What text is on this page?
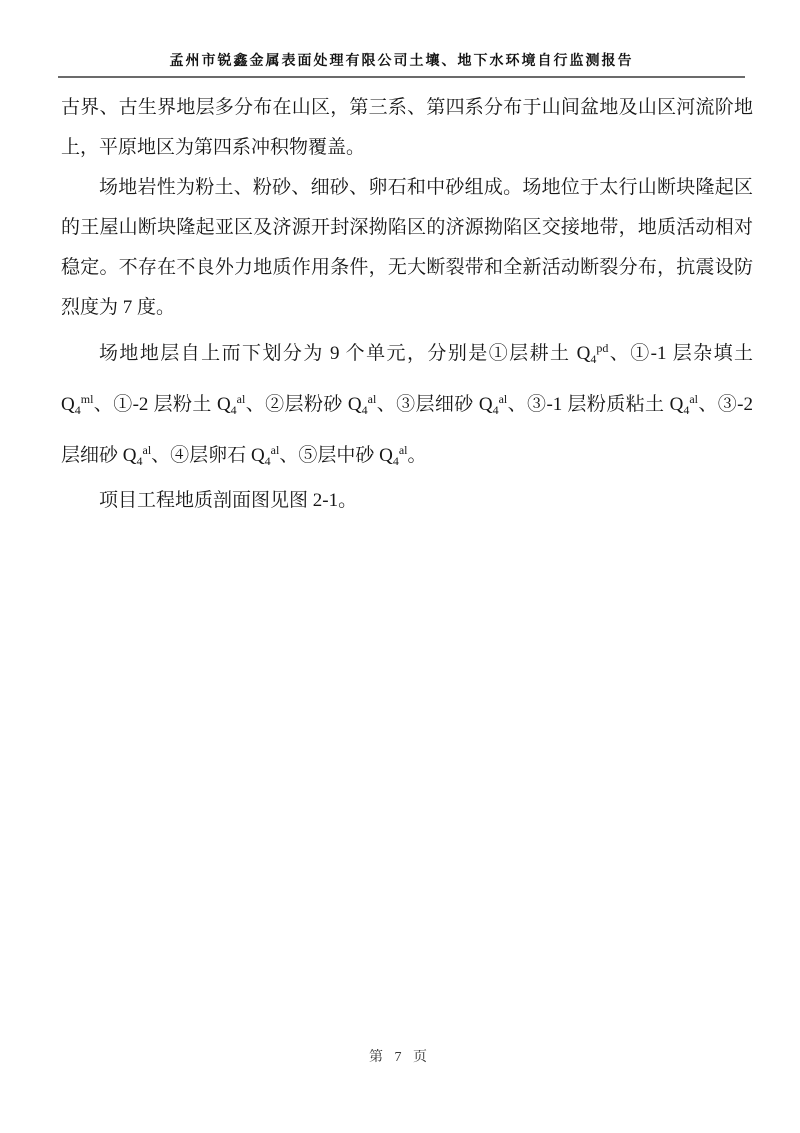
孟州市锐鑫金属表面处理有限公司土壤、地下水环境自行监测报告

古界、古生界地层多分布在山区，第三系、第四系分布于山间盆地及山区河流阶地上，平原地区为第四系冲积物覆盖。

场地岩性为粉土、粉砂、细砂、卵石和中砂组成。场地位于太行山断块隆起区的王屋山断块隆起亚区及济源开封深拗陷区的济源拗陷区交接地带，地质活动相对稳定。不存在不良外力地质作用条件，无大断裂带和全新活动断裂分布，抗震设防烈度为 7 度。

场地地层自上而下划分为 9 个单元，分别是①层耕土 $Q_4^{pd}$、①-1 层杂填土 $Q_4^{ml}$、①-2 层粉土 $Q_4^{al}$、②层粉砂 $Q_4^{al}$、③层细砂 $Q_4^{al}$、③-1 层粉质粘土 $Q_4^{al}$、③-2 层细砂 $Q_4^{al}$、④层卵石 $Q_4^{al}$、⑤层中砂 $Q_4^{al}$。

项目工程地质剖面图见图 2-1。

第 7 页
